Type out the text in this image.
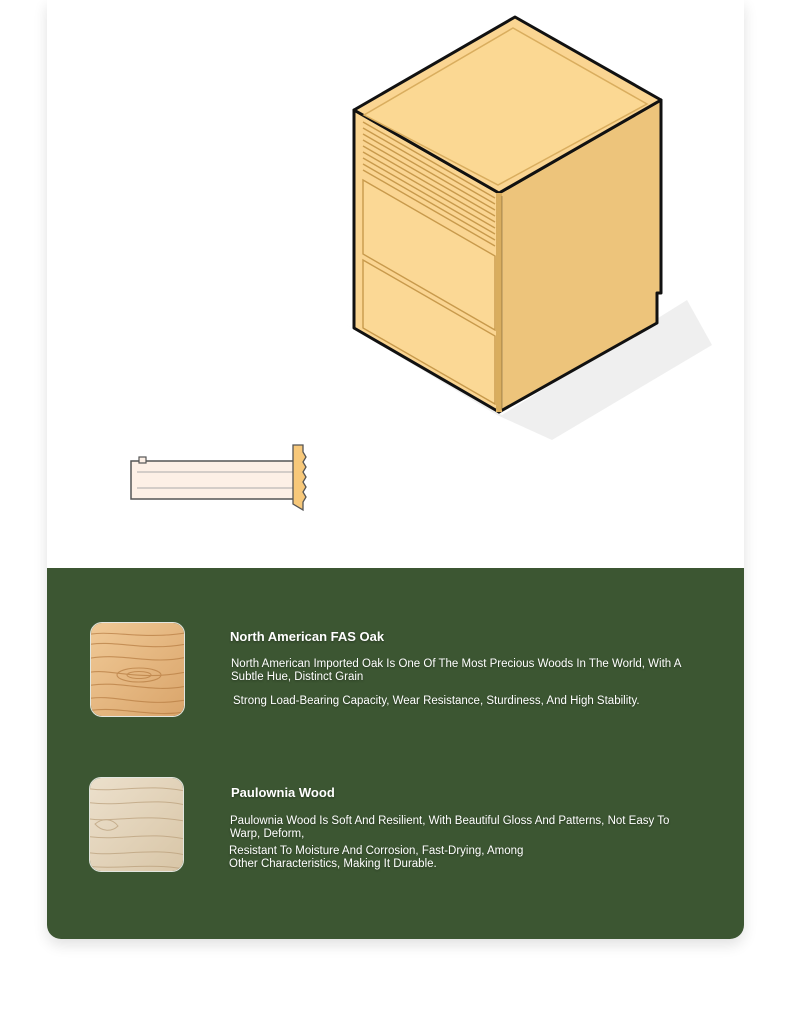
North American FAS Oak
North American Imported Oak Is One Of The Most Precious Woods In The World, With A Subtle Hue, Distinct Grain
Strong Load-Bearing Capacity, Wear Resistance, Sturdiness, And High Stability.
Paulownia Wood
Paulownia Wood Is Soft And Resilient, With Beautiful Gloss And Patterns, Not Easy To Warp, Deform,
Resistant To Moisture And Corrosion, Fast-Drying, Among Other Characteristics, Making It Durable.
